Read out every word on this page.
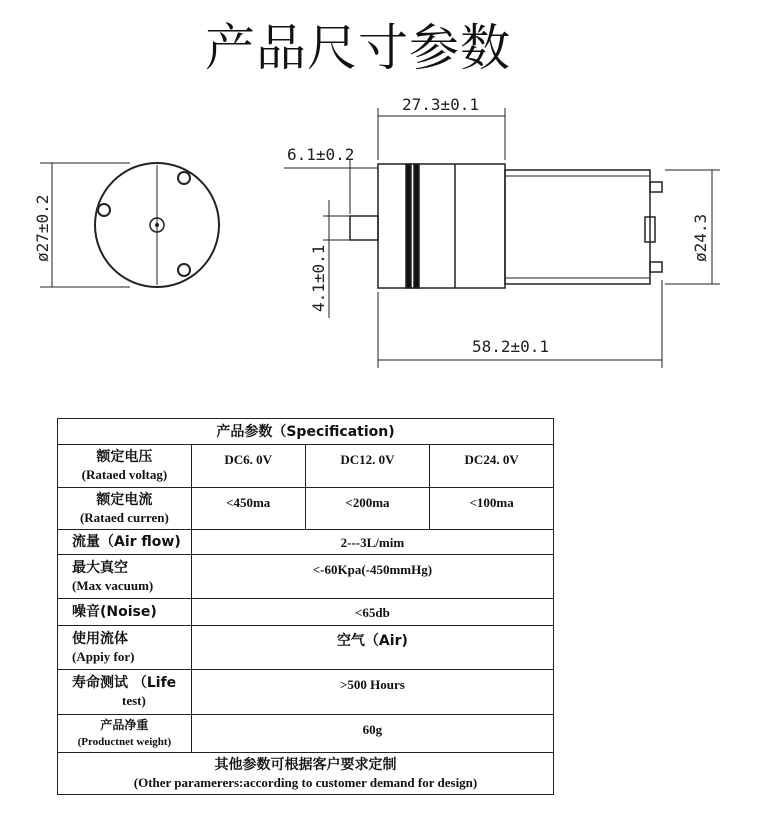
产品尺寸参数
ø27±0.2
27.3±0.1
6.1±0.2
4.1±0.1
58.2±0.1
ø24.3
产品参数（Specification)			

额定电压
(Rataed voltag)	DC6. 0V	DC12. 0V	DC24. 0V

额定电流
(Rataed curren)	<450ma	<200ma	<100ma
流量（Air flow)	2---3L/mim		

最大真空
(Max vacuum)	<-60Kpa(-450mmHg)		
噪音(Noise)	<65db		

使用流体
(Appiy for)	空气（Air)		

寿命测试 （Life
test)	>500 Hours		

产品净重
(Productnet weight)	60g		

其他参数可根据客户要求定制
(Other paramerers:according to customer demand for design)			
